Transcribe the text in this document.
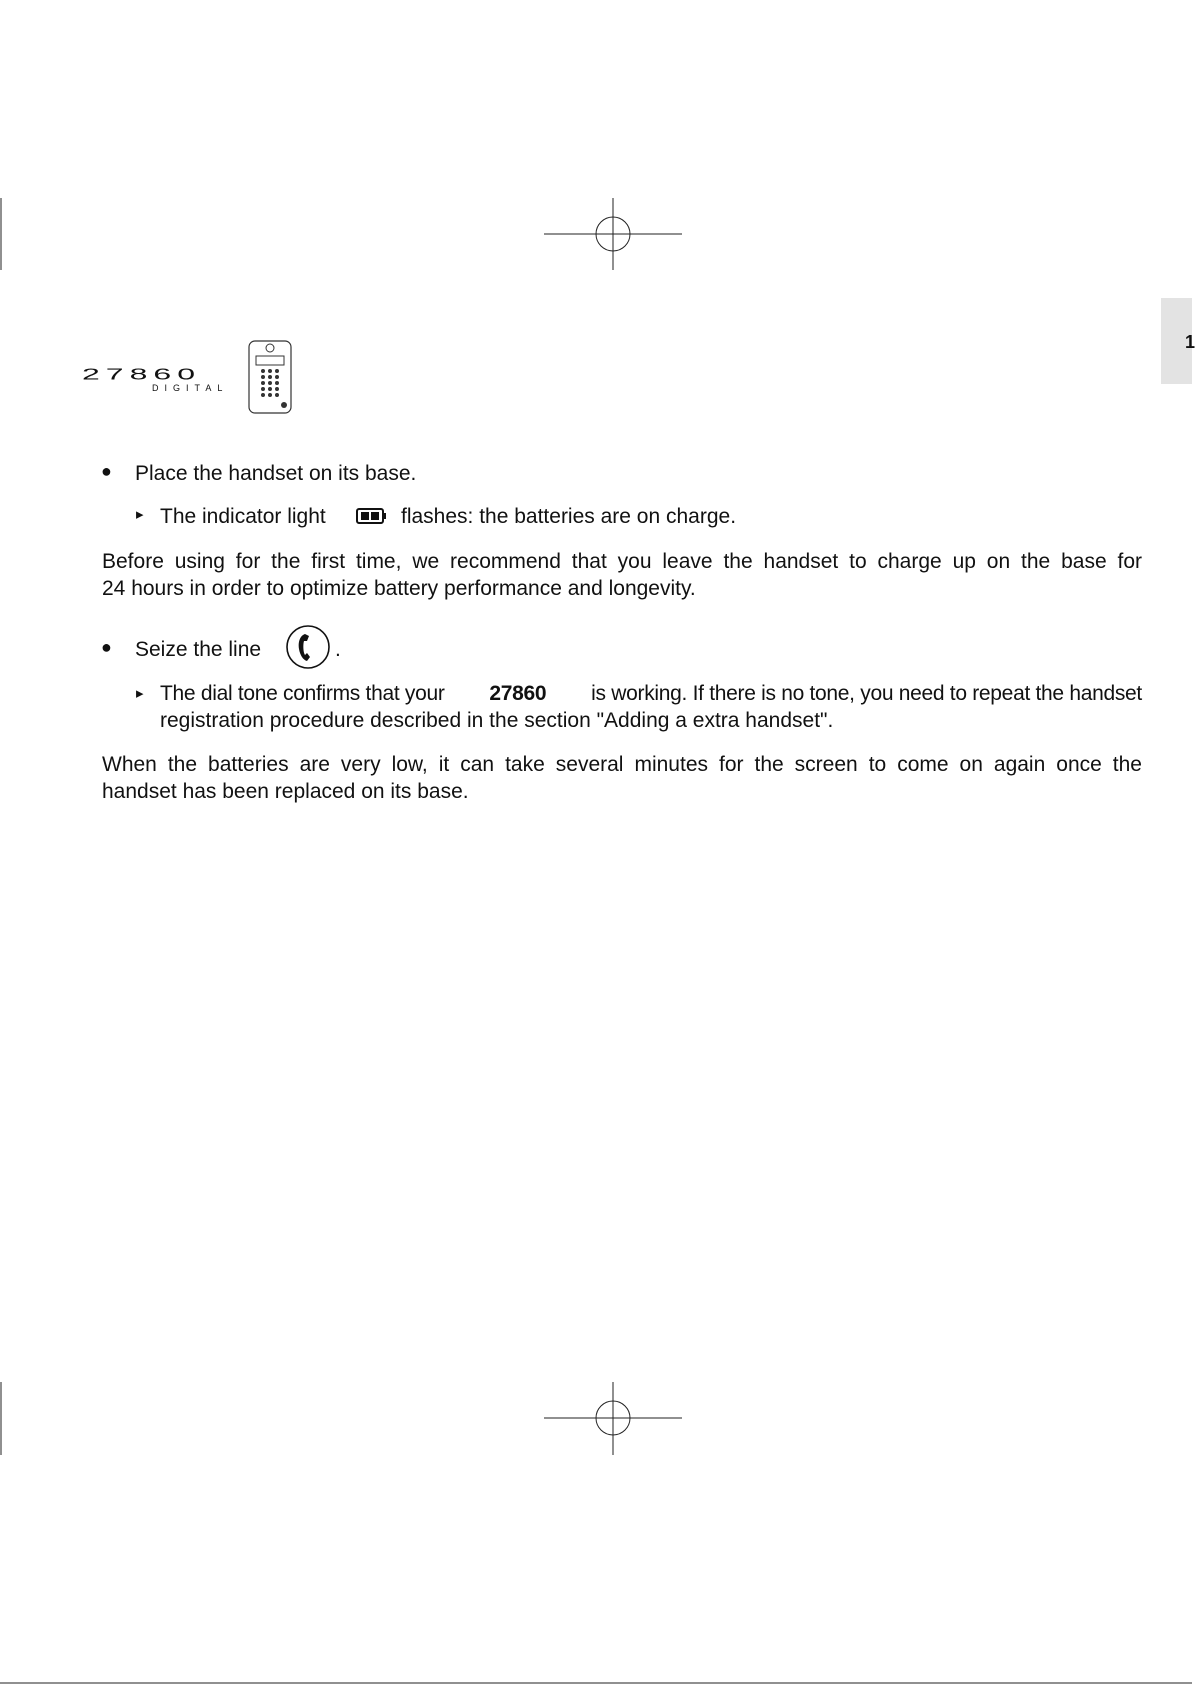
1
27860
DIGITAL
● Place the handset on its base.
▸ The indicator light	flashes: the batteries are on charge.
Before using for the first time, we recommend that you leave the handset to charge up on the base for
24 hours in order to optimize battery performance and longevity.
● Seize the line	.
▸ The dial tone confirms that your 27860 is working. If there is no tone, you need to repeat the handset
registration procedure described in the section "Adding a extra handset".
When the batteries are very low, it can take several minutes for the screen to come on again once the
handset has been replaced on its base.
